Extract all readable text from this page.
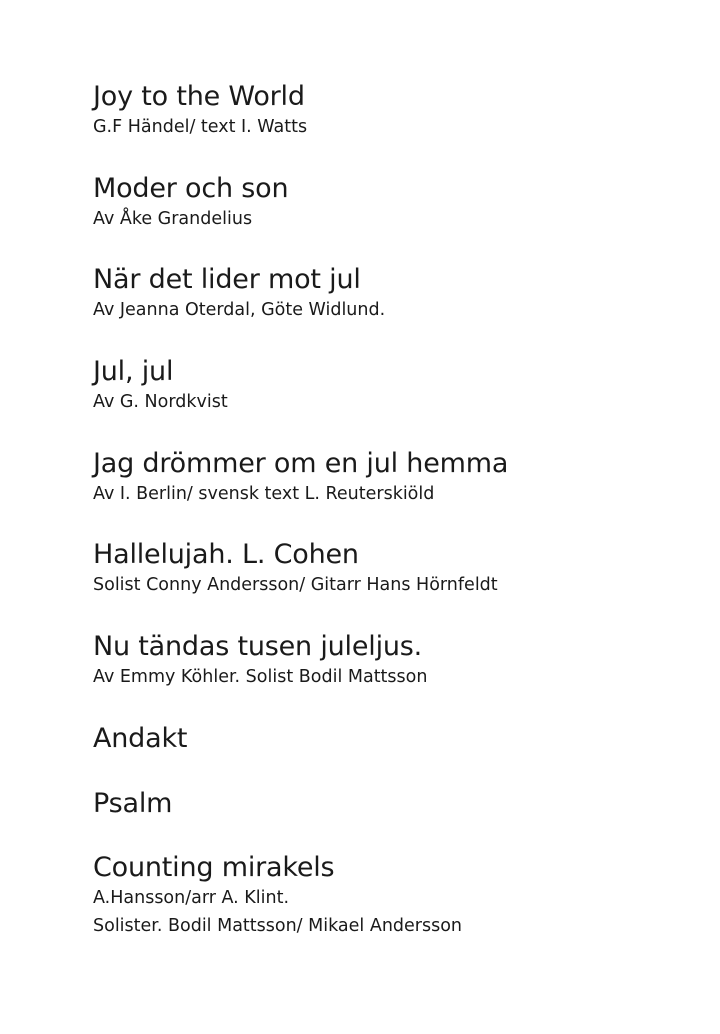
Joy to the World
G.F Händel/ text I. Watts
Moder och son
Av Åke Grandelius
När det lider mot jul
Av Jeanna Oterdal, Göte Widlund.
Jul, jul
Av G. Nordkvist
Jag drömmer om en jul hemma
Av I. Berlin/ svensk text L. Reuterskiöld
Hallelujah. L. Cohen
Solist Conny Andersson/ Gitarr Hans Hörnfeldt
Nu tändas tusen juleljus.
Av Emmy Köhler. Solist Bodil Mattsson
Andakt
Psalm
Counting mirakels
A.Hansson/arr A. Klint.
Solister. Bodil Mattsson/ Mikael Andersson
